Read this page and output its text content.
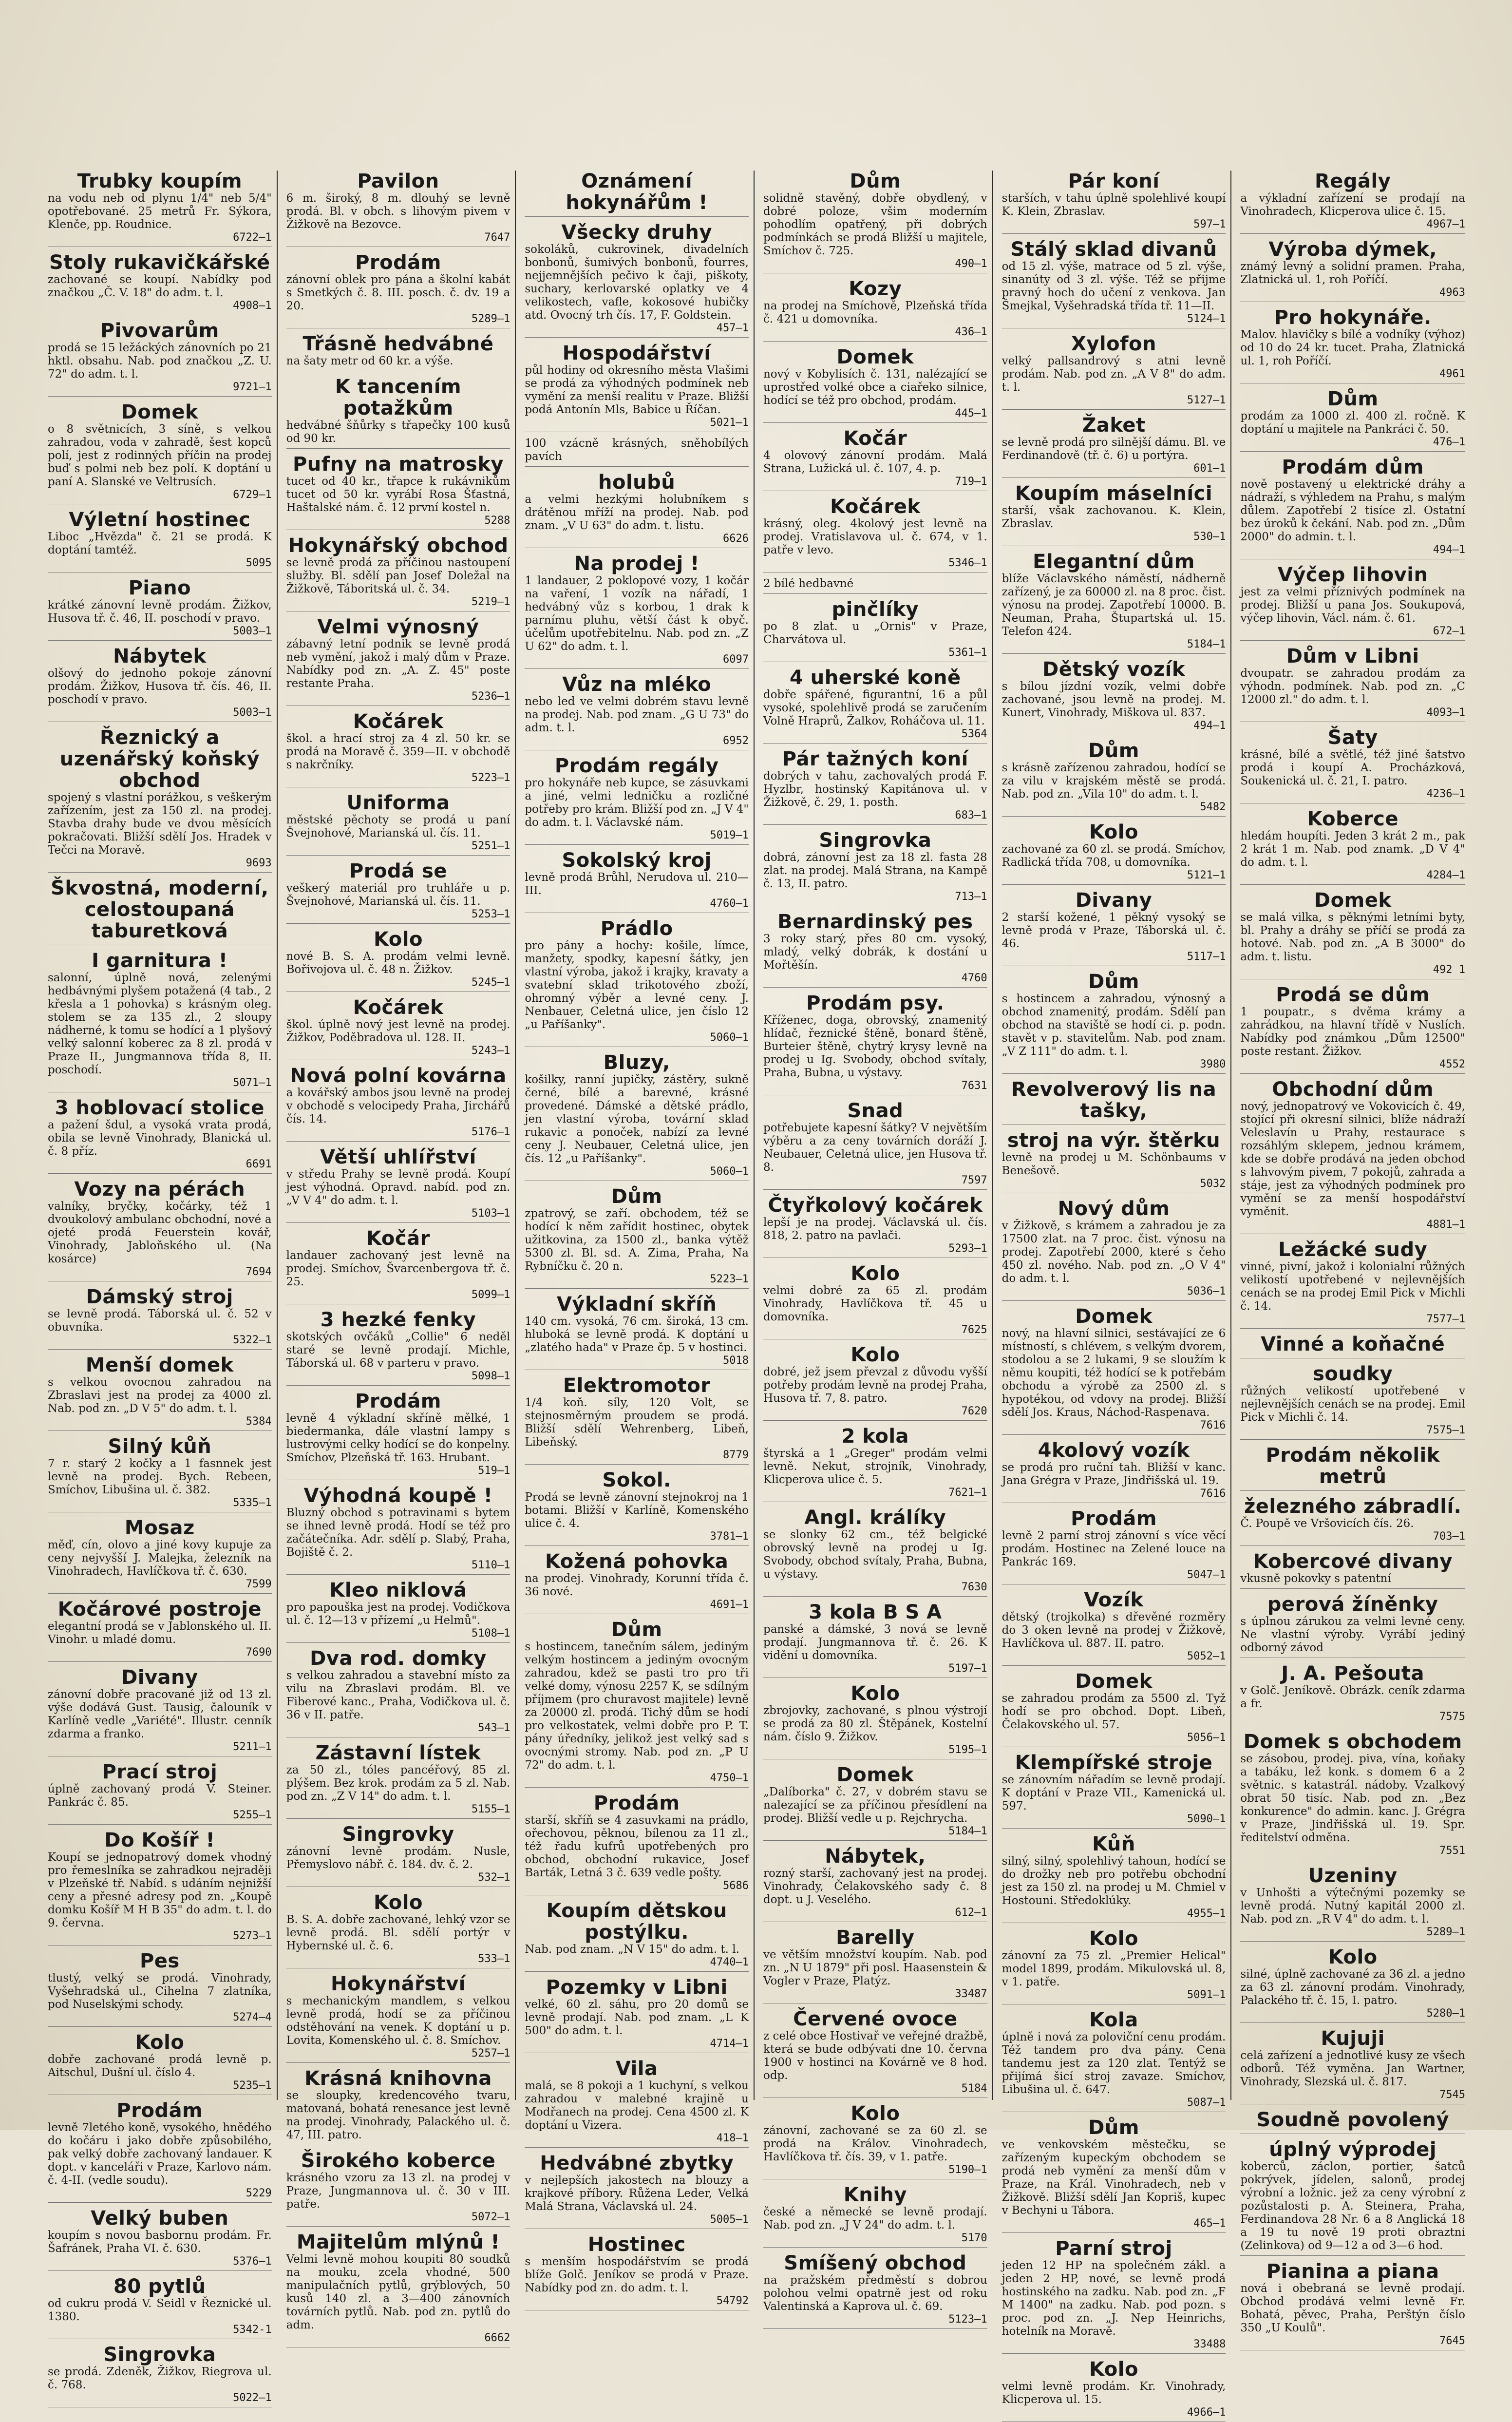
Trubky koupím
na vodu neb od plynu 1/4" neb 5/4" opotřebované. 25 metrů Fr. Sýkora, Klenče, pp. Roudnice.
6722—1
Stoly rukavičkářské
zachované se koupí. Nabídky pod značkou „Č. V. 18" do adm. t. l.
4908—1
Pivovarům
prodá se 15 ležáckých zánovních po 21 hktl. obsahu. Nab. pod značkou „Z. U. 72" do adm. t. l.
9721—1
Domek
o 8 světnicích, 3 síně, s velkou zahradou, voda v zahradě, šest kopců polí, jest z rodinných příčin na prodej buď s polmi neb bez polí. K doptání u paní A. Slanské ve Veltrusích.
6729—1
Výletní hostinec
Liboc „Hvězda" č. 21 se prodá. K doptání tamtéž.
5095
Piano
krátké zánovní levně prodám. Žižkov, Husova tř. č. 46, II. poschodí v pravo.
5003—1
Nábytek
olšový do jednoho pokoje zánovní prodám. Žižkov, Husova tř. čís. 46, II. poschodí v pravo.
5003—1
Řeznický a uzenářský koňský obchod
spojený s vlastní porážkou, s veškerým zařízením, jest za 150 zl. na prodej. Stavba drahy bude ve dvou měsících pokračovati. Bližší sdělí Jos. Hradek v Tečci na Moravě.
9693
Škvostná, moderní, celostoupaná taburetková
I garnitura !
salonní, úplně nová, zelenými hedbávnými plyšem potažená (4 tab., 2 křesla a 1 pohovka) s krásným oleg. stolem se za 135 zl., 2 sloupy nádherné, k tomu se hodící a 1 plyšový velký salonní koberec za 8 zl. prodá v Praze II., Jungmannova třída 8, II. poschodí.
5071—1
3 hoblovací stolice
a pažení šdul, a vysoká vrata prodá, obila se levně Vinohrady, Blanická ul. č. 8 příz.
6691
Vozy na pérách
valníky, bryčky, kočárky, též 1 dvoukolový ambulanc obchodní, nové a ojeté prodá Feuerstein kovář, Vinohrady, Jabloňského ul. (Na kosárce)
7694
Dámský stroj
se levně prodá. Táborská ul. č. 52 v obuvníka.
5322—1
Menší domek
s velkou ovocnou zahradou na Zbraslavi jest na prodej za 4000 zl. Nab. pod zn. „D V 5" do adm. t. l.
5384
Silný kůň
7 r. starý 2 kočky a 1 fasnnek jest levně na prodej. Bych. Rebeen, Smíchov, Libušina ul. č. 382.
5335—1
Mosaz
měď, cín, olovo a jiné kovy kupuje za ceny nejvyšší J. Malejka, železník na Vinohradech, Havlíčkova tř. č. 630.
7599
Kočárové postroje
elegantní prodá se v Jablonského ul. II. Vinohr. u mladé domu.
7690
Divany
zánovní dobře pracované již od 13 zl. výše dodává Gust. Tausig, čalouník v Karlíně vedle „Variété". Illustr. cenník zdarma a franko.
5211—1
Prací stroj
úplně zachovaný prodá V. Steiner. Pankrác č. 85.
5255—1
Do Košíř !
Koupí se jednopatrový domek vhodný pro řemeslníka se zahradkou nejraději v Plzeňské tř. Nabíd. s udáním nejnižší ceny a přesné adresy pod zn. „Koupě domku Košíř M H B 35" do adm. t. l. do 9. června.
5273—1
Pes
tlustý, velký se prodá. Vinohrady, Vyšehradská ul., Cihelna 7 zlatníka, pod Nuselskými schody.
5274—4
Kolo
dobře zachované prodá levně p. Aitschul, Dušní ul. číslo 4.
5235—1
Prodám
levně 7letého koně, vysokého, hnědého do kočáru i jako dobře způsobilého, pak velký dobře zachovaný landauer. K dopt. v kanceláři v Praze, Karlovo nám. č. 4-II. (vedle soudu).
5229
Velký buben
koupím s novou basbornu prodám. Fr. Šafránek, Praha VI. č. 630.
5376—1
80 pytlů
od cukru prodá V. Seidl v Řeznické ul. 1380.
5342-1
Singrovka
se prodá. Zdeněk, Žižkov, Riegrova ul. č. 768.
5022—1
Pavilon
6 m. široký, 8 m. dlouhý se levně prodá. Bl. v obch. s lihovým pivem v Žižkově na Bezovce.
7647
Prodám
zánovní oblek pro pána a školní kabát s Smetkých č. 8. III. posch. č. dv. 19 a 20.
5289—1
Třásně hedvábné
na šaty metr od 60 kr. a výše.
K tancením potažkům
hedvábné šňůrky s třapečky 100 kusů od 90 kr.
Pufny na matrosky
tucet od 40 kr., třapce k rukávnikům tucet od 50 kr. vyrábí Rosa Šťastná, Haštalské nám. č. 12 první kostel n.
5288
Hokynářský obchod
se levně prodá za příčinou nastoupení služby. Bl. sdělí pan Josef Doležal na Žižkově, Táboritská ul. č. 34.
5219—1
Velmi výnosný
zábavný letní podnik se levně prodá neb vymění, jakož i malý dům v Praze. Nabídky pod zn. „A. Z. 45" poste restante Praha.
5236—1
Kočárek
škol. a hrací stroj za 4 zl. 50 kr. se prodá na Moravě č. 359—II. v obchodě s nakrčníky.
5223—1
Uniforma
městské pěchoty se prodá u paní Švejnohové, Marianská ul. čís. 11.
5251—1
Prodá se
veškerý materiál pro truhláře u p. Švejnohové, Marianská ul. čís. 11.
5253—1
Kolo
nové B. S. A. prodám velmi levně. Bořivojova ul. č. 48 n. Žižkov.
5245—1
Kočárek
škol. úplně nový jest levně na prodej. Žižkov, Poděbradova ul. 128. II.
5243—1
Nová polní kovárna
a kovářský ambos jsou levně na prodej v obchodě s velocipedy Praha, Jirchářů čís. 14.
5176—1
Větší uhlířství
v středu Prahy se levně prodá. Koupí jest výhodná. Opravd. nabíd. pod zn. „V V 4" do adm. t. l.
5103—1
Kočár
landauer zachovaný jest levně na prodej. Smíchov, Švarcenbergova tř. č. 25.
5099—1
3 hezké fenky
skotských ovčáků „Collie" 6 neděl staré se levně prodají. Michle, Táborská ul. 68 v parteru v pravo.
5098—1
Prodám
levně 4 výkladní skříně mělké, 1 biedermanka, dále vlastní lampy s lustrovými celky hodící se do konpelny. Smíchov, Plzeňská tř. 163. Hrubant.
519—1
Výhodná koupě !
Bluzný obchod s potravinami s bytem se ihned levně prodá. Hodí se též pro začátečníka. Adr. sdělí p. Slabý, Praha, Bojiště č. 2.
5110—1
Kleo niklová
pro papouška jest na prodej. Vodičkova ul. č. 12—13 v přízemí „u Helmů".
5108—1
Dva rod. domky
s velkou zahradou a stavební místo za vilu na Zbraslavi prodám. Bl. ve Fiberové kanc., Praha, Vodičkova ul. č. 36 v II. patře.
543—1
Zástavní lístek
za 50 zl., tóles pancéřový, 85 zl. plýšem. Bez krok. prodám za 5 zl. Nab. pod zn. „Z V 14" do adm. t. l.
5155—1
Singrovky
zánovní levně prodám. Nusle, Přemyslovo nábř. č. 184. dv. č. 2.
532—1
Kolo
B. S. A. dobře zachované, lehký vzor se levně prodá. Bl. sdělí portýr v Hybernské ul. č. 6.
533—1
Hokynářství
s mechanickým mandlem, s velkou levně prodá, hodí se za příčinou odstěhování na venek. K doptání u p. Lovita, Komenského ul. č. 8. Smíchov.
5257—1
Krásná knihovna
se sloupky, kredencového tvaru, matovaná, bohatá renesance jest levně na prodej. Vinohrady, Palackého ul. č. 47, III. patro.
Širokého koberce
krásného vzoru za 13 zl. na prodej v Praze, Jungmannova ul. č. 30 v III. patře.
5072—1
Majitelům mlýnů !
Velmi levně mohou koupiti 80 soudků na mouku, zcela vhodné, 500 manipulačních pytlů, grýblových, 50 kusů 140 zl. a 3—400 zánovních továrních pytlů. Nab. pod zn. pytlů do adm.
6662
Oznámení hokynářům !
Všecky druhy
sokoláků, cukrovinek, divadelních bonbonů, šumivých bonbonů, fourres, nejjemnějších pečivo k čaji, piškoty, suchary, kerlovarské oplatky ve 4 velikostech, vafle, kokosové hubičky atd. Ovocný trh čís. 17, F. Goldstein.
457—1
Hospodářství
půl hodiny od okresního města Vlašimi se prodá za výhodných podmínek neb vymění za menší realitu v Praze. Bližší podá Antonín Mls, Babice u Říčan.
5021—1
100 vzácně krásných, sněhobílých pavích
holubů
a velmi hezkými holubníkem s drátěnou mříží na prodej. Nab. pod znam. „V U 63" do adm. t. listu.
6626
Na prodej !
1 landauer, 2 poklopové vozy, 1 kočár na vaření, 1 vozík na nářadí, 1 hedvábný vůz s korbou, 1 drak k parnímu pluhu, větší část k obyč. účelům upotřebitelnu. Nab. pod zn. „Z U 62" do adm. t. l.
6097
Vůz na mléko
nebo led ve velmi dobrém stavu levně na prodej. Nab. pod znam. „G U 73" do adm. t. l.
6952
Prodám regály
pro hokynáře neb kupce, se zásuvkami a jiné, velmi ledničku a rozličné potřeby pro krám. Bližší pod zn. „J V 4" do adm. t. l. Václavské nám.
5019—1
Sokolský kroj
levně prodá Brůhl, Nerudova ul. 210—III.
4760—1
Prádlo
pro pány a hochy: košile, límce, manžety, spodky, kapesní šátky, jen vlastní výroba, jakož i krajky, kravaty a svatební sklad trikotového zboží, ohromný výběr a levné ceny. J. Nenbauer, Celetná ulice, jen číslo 12 „u Paříšanky".
5060—1
Bluzy,
košilky, ranní jupičky, zástěry, sukně černé, bílé a barevné, krásné provedené. Dámské a dětské prádlo, jen vlastní výroba, tovární sklad rukavic a ponoček, nabízí za levné ceny J. Neubauer, Celetná ulice, jen čís. 12 „u Paříšanky".
5060—1
Dům
zpatrový, se zaří. obchodem, též se hodící k něm zařídit hostinec, obytek užitkovina, za 1500 zl., banka výtěž 5300 zl. Bl. sd. A. Zima, Praha, Na Rybníčku č. 20 n.
5223—1
Výkladní skříň
140 cm. vysoká, 76 cm. široká, 13 cm. hluboká se levně prodá. K doptání u „zlatého hada" v Praze čp. 5 v hostinci.
5018
Elektromotor
1/4 koň. síly, 120 Volt, se stejnosměrným proudem se prodá. Bližší sdělí Wehrenberg, Libeň, Libeňský.
8779
Sokol.
Prodá se levně zánovní stejnokroj na 1 botami. Bližší v Karlíně, Komenského ulice č. 4.
3781—1
Kožená pohovka
na prodej. Vinohrady, Korunní třída č. 36 nové.
4691—1
Dům
s hostincem, tanečním sálem, jediným velkým hostincem a jediným ovocným zahradou, kdež se pasti tro pro tři velké domy, výnosu 2257 K, se sdílným příjmem (pro churavost majitele) levně za 20000 zl. prodá. Tichý dům se hodí pro velkostatek, velmi dobře pro P. T. pány úředníky, jelikož jest velký sad s ovocnými stromy. Nab. pod zn. „P U 72" do adm. t. l.
4750—1
Prodám
starší, skříň se 4 zasuvkami na prádlo, ořechovou, pěknou, bílenou za 11 zl., též řadu kufrů upotřebených pro obchod, obchodní rukavice, Josef Barták, Letná 3 č. 639 vedle pošty.
5686
Koupím dětskou postýlku.
Nab. pod znam. „N V 15" do adm. t. l.
4740—1
Pozemky v Libni
velké, 60 zl. sáhu, pro 20 domů se levně prodají. Nab. pod znam. „L K 500" do adm. t. l.
4714—1
Vila
malá, se 8 pokoji a 1 kuchyní, s velkou zahradou v malebné krajině u Modřanech na prodej. Cena 4500 zl. K doptání u Vizera.
418—1
Hedvábné zbytky
v nejlepších jakostech na blouzy a krajkové příbory. Růžena Leder, Velká Malá Strana, Václavská ul. 24.
5005—1
Hostinec
s menším hospodářstvím se prodá blíže Golč. Jeníkov se prodá v Praze. Nabídky pod zn. do adm. t. l.
54792
Dům
solidně stavěný, dobře obydlený, v dobré poloze, všim moderním pohodlím opatřený, při dobrých podmínkách se prodá Bližší u majitele, Smíchov č. 725.
490—1
Kozy
na prodej na Smíchově, Plzeňská třída č. 421 u domovníka.
436—1
Domek
nový v Kobylisích č. 131, nalézající se uprostřed volké obce a ciařeko silnice, hodící se též pro obchod, prodám.
445—1
Kočár
4 olovový zánovní prodám. Malá Strana, Lužická ul. č. 107, 4. p.
719—1
Kočárek
krásný, oleg. 4kolový jest levně na prodej. Vratislavova ul. č. 674, v 1. patře v levo.
5346—1
2 bílé hedbavné
pinčlíky
po 8 zlat. u „Ornis" v Praze, Charvátova ul.
5361—1
4 uherské koně
dobře spářené, figurantní, 16 a půl vysoké, spolehlivě prodá se zaručením Volně Hraprů, Žalkov, Roháčova ul. 11.
5364
Pár tažných koní
dobrých v tahu, zachovalých prodá F. Hyzlbr, hostinský Kapitánova ul. v Žižkově, č. 29, 1. posth.
683—1
Singrovka
dobrá, zánovní jest za 18 zl. fasta 28 zlat. na prodej. Malá Strana, na Kampě č. 13, II. patro.
713—1
Bernardinský pes
3 roky starý, přes 80 cm. vysoký, mladý, velký dobrák, k dostání u Mořtěšín.
4760
Prodám psy.
Kříženec, doga, obrovský, znamenitý hlídač, řeznické štěně, bonard štěně, Burteier štěně, chytrý krysy levně na prodej u Ig. Svobody, obchod svítaly, Praha, Bubna, u výstavy.
7631
Snad
potřebujete kapesní šátky? V největším výběru a za ceny továrních doráží J. Neubauer, Celetná ulice, jen Husova tř. 8.
7597
Čtyřkolový kočárek
lepší je na prodej. Václavská ul. čís. 818, 2. patro na pavlači.
5293—1
Kolo
velmi dobré za 65 zl. prodám Vinohrady, Havlíčkova tř. 45 u domovníka.
7625
Kolo
dobré, jež jsem převzal z důvodu vyšší potřeby prodám levně na prodej Praha, Husova tř. 7, 8. patro.
7620
2 kola
štyrská a 1 „Greger" prodám velmi levně. Nekut, strojník, Vinohrady, Klicperova ulice č. 5.
7621—1
Angl. králíky
se slonky 62 cm., též belgické obrovský levně na prodej u Ig. Svobody, obchod svítaly, Praha, Bubna, u výstavy.
7630
3 kola B S A
panské a dámské, 3 nová se levně prodají. Jungmannova tř. č. 26. K vidění u domovníka.
5197—1
Kolo
zbrojovky, zachované, s plnou výstrojí se prodá za 80 zl. Štěpánek, Kostelní nám. číslo 9. Žižkov.
5195—1
Domek
„Dalíborka" č. 27, v dobrém stavu se nalezající se za příčinou přesídlení na prodej. Bližší vedle u p. Rejchrycha.
5184—1
Nábytek,
rozný starší, zachovaný jest na prodej. Vinohrady, Čelakovského sady č. 8 dopt. u J. Veselého.
612—1
Barelly
ve větším množství koupím. Nab. pod zn. „N U 1879" při posl. Haasenstein & Vogler v Praze, Platýz.
33487
Červené ovoce
z celé obce Hostivař ve veřejné dražbě, která se bude odbývati dne 10. června 1900 v hostinci na Kovárně ve 8 hod. odp.
5184
Kolo
zánovní, zachované se za 60 zl. se prodá na Králov. Vinohradech, Havlíčkova tř. čís. 39, v 1. patře.
5190—1
Knihy
české a německé se levně prodají. Nab. pod zn. „J V 24" do adm. t. l.
5170
Smíšený obchod
na pražském předměstí s dobrou polohou velmi opatrně jest od roku Valentinská a Kaprova ul. č. 69.
5123—1
Pár koní
starších, v tahu úplně spolehlivé koupí K. Klein, Zbraslav.
597—1
Stálý sklad divanů
od 15 zl. výše, matrace od 5 zl. výše, sinanúty od 3 zl. výše. Též se přijme pravný hoch do učení z venkova. Jan Šmejkal, Vyšehradská třída tř. 11—II.
5124—1
Xylofon
velký pallsandrový s atni levně prodám. Nab. pod zn. „A V 8" do adm. t. l.
5127—1
Žaket
se levně prodá pro silnější dámu. Bl. ve Ferdinandově (tř. č. 6) u portýra.
601—1
Koupím máselníci
starší, však zachovanou. K. Klein, Zbraslav.
530—1
Elegantní dům
blíže Václavského náměstí, nádherně zařízený, je za 60000 zl. na 8 proc. čist. výnosu na prodej. Zapotřebí 10000. B. Neuman, Praha, Štupartská ul. 15. Telefon 424.
5184—1
Dětský vozík
s bílou jízdní vozík, velmi dobře zachované, jsou levně na prodej. M. Kunert, Vinohrady, Miškova ul. 837.
494—1
Dům
s krásně zařízenou zahradou, hodící se za vilu v krajském městě se prodá. Nab. pod zn. „Vila 10" do adm. t. l.
5482
Kolo
zachované za 60 zl. se prodá. Smíchov, Radlická třída 708, u domovníka.
5121—1
Divany
2 starší kožené, 1 pěkný vysoký se levně prodá v Praze, Táborská ul. č. 46.
5117—1
Dům
s hostincem a zahradou, výnosný a obchod znamenitý, prodám. Sdělí pan obchod na staviště se hodí ci. p. podn. stavět v p. stavitelům. Nab. pod znam. „V Z 111" do adm. t. l.
3980
Revolverový lis na tašky,
stroj na výr. štěrku
levně na prodej u M. Schönbaums v Benešově.
5032
Nový dům
v Žižkově, s krámem a zahradou je za 17500 zlat. na 7 proc. čist. výnosu na prodej. Zapotřebí 2000, které s čeho 450 zl. nového. Nab. pod zn. „O V 4" do adm. t. l.
5036—1
Domek
nový, na hlavní silnici, sestávající ze 6 místností, s chlévem, s velkým dvorem, stodolou a se 2 lukami, 9 se sloužím k němu koupiti, též hodící se k potřebám obchodu a výrobě za 2500 zl. s hypotékou, od vdovy na prodej. Bližší sdělí Jos. Kraus, Náchod-Raspenava.
7616
4kolový vozík
se prodá pro ruční tah. Bližší v kanc. Jana Grégra v Praze, Jindřišská ul. 19.
7616
Prodám
levně 2 parní stroj zánovní s více věcí prodám. Hostinec na Zelené louce na Pankrác 169.
5047—1
Vozík
dětský (trojkolka) s dřevěné rozměry do 3 oken levně na prodej v Žižkově, Havlíčkova ul. 887. II. patro.
5052—1
Domek
se zahradou prodám za 5500 zl. Tyž hodí se pro obchod. Dopt. Libeň, Čelakovského ul. 57.
5056—1
Klempířské stroje
se zánovním nářadím se levně prodají. K doptání v Praze VII., Kamenická ul. 597.
5090—1
Kůň
silný, silný, spolehlivý tahoun, hodící se do drožky neb pro potřebu obchodní jest za 150 zl. na prodej u M. Chmiel v Hostouni. Středoklúky.
4955—1
Kolo
zánovní za 75 zl. „Premier Helical" model 1899, prodám. Mikulovská ul. 8, v 1. patře.
5091—1
Kola
úplně i nová za poloviční cenu prodám. Též tandem pro dva pány. Cena tandemu jest za 120 zlat. Tentýž se přijímá šicí stroj zavaze. Smíchov, Libušina ul. č. 647.
5087—1
Dům
ve venkovském městečku, se zařízeným kupeckým obchodem se prodá neb vymění za menší dům v Praze, na Král. Vinohradech, neb v Žižkově. Bližší sdělí Jan Kopriš, kupec v Bechyni u Tábora.
465—1
Parní stroj
jeden 12 HP na společném zákl. a jeden 2 HP, nové, se levně prodá hostinského na zadku. Nab. pod zn. „F M 1400" na zadku. Nab. pod pozn. s proc. pod zn. „J. Nep Heinrichs, hotelník na Moravě.
33488
Kolo
velmi levně prodám. Kr. Vinohrady, Klicperova ul. 15.
4966—1
Regály
a výkladní zařízení se prodají na Vinohradech, Klicperova ulice č. 15.
4967—1
Výroba dýmek,
známý levný a solidní pramen. Praha, Zlatnická ul. 1, roh Poříčí.
4963
Pro hokynáře.
Malov. hlavičky s bílé a vodníky (výhoz) od 10 do 24 kr. tucet. Praha, Zlatnická ul. 1, roh Poříčí.
4961
Dům
prodám za 1000 zl. 400 zl. ročně. K doptání u majitele na Pankráci č. 50.
476—1
Prodám dům
nově postavený u elektrické dráhy a nádraží, s výhledem na Prahu, s malým důlem. Zapotřebí 2 tisíce zl. Ostatní bez úroků k čekání. Nab. pod zn. „Dům 2000" do admin. t. l.
494—1
Výčep lihovin
jest za velmi příznivých podmínek na prodej. Bližší u pana Jos. Soukupová, výčep lihovin, Václ. nám. č. 61.
672—1
Dům v Libni
dvoupatr. se zahradou prodám za výhodn. podmínek. Nab. pod zn. „C 12000 zl." do adm. t. l.
4093—1
Šaty
krásné, bílé a světlé, též jiné šatstvo prodá i koupí A. Procházková, Soukenická ul. č. 21, I. patro.
4236—1
Koberce
hledám houpíti. Jeden 3 krát 2 m., pak 2 krát 1 m. Nab. pod znamk. „D V 4" do adm. t. l.
4284—1
Domek
se malá vilka, s pěknými letními byty, bl. Prahy a dráhy se příčí se prodá za hotové. Nab. pod zn. „A B 3000" do adm. t. listu.
492 1
Prodá se dům
1 poupatr., s dvěma krámy a zahrádkou, na hlavní třídě v Nuslích. Nabídky pod známkou „Dům 12500" poste restant. Žižkov.
4552
Obchodní dům
nový, jednopatrový ve Vokovicích č. 49, stojící při okresní silnici, blíže nádraží Veleslavín u Prahy, restaurace s rozsáhlým sklepem, jednou krámem, kde se dobře prodává na jeden obchod s lahvovým pivem, 7 pokojů, zahrada a stáje, jest za výhodných podmínek pro vymění se za menší hospodářství vyměnit.
4881—1
Ležácké sudy
vinné, pivní, jakož i kolonialní růžných velikostí upotřebené v nejlevnějších cenách se na prodej Emil Pick v Michli č. 14.
7577—1
Vinné a koňačné
soudky
růžných velikostí upotřebené v nejlevnějších cenách se na prodej. Emil Pick v Michli č. 14.
7575—1
Prodám několik metrů
železného zábradlí.
Č. Poupě ve Vršovicích čís. 26.
703—1
Kobercové divany
vkusně pokovky s patentní
perová žíněnky
s úplnou zárukou za velmi levné ceny. Ne vlastní výroby. Vyrábí jediný odborný závod
J. A. Pešouta
v Golč. Jeníkově. Obrázk. ceník zdarma a fr.
7575
Domek s obchodem
se zásobou, prodej. piva, vína, koňaky a tabáku, lež konk. s domem 6 a 2 světnic. s katastrál. nádoby. Vzalkový obrat 50 tisíc. Nab. pod zn. „Bez konkurence" do admin. kanc. J. Grégra v Praze, Jindřišská ul. 19. Spr. ředitelství odměna.
7551
Uzeniny
v Unhošti a výtečnými pozemky se levně prodá. Nutný kapitál 2000 zl. Nab. pod zn. „R V 4" do adm. t. l.
5289—1
Kolo
silné, úplně zachované za 36 zl. a jedno za 63 zl. zánovní prodám. Vinohrady, Palackého tř. č. 15, I. patro.
5280—1
Kujuji
celá zařízení a jednotlivé kusy ze všech odborů. Též vyměna. Jan Wartner, Vinohrady, Slezská ul. č. 817.
7545
Soudně povolený
úplný výprodej
koberců, záclon, portier, šatců pokrývek, jídelen, salonů, prodej výrobní a ložnic. jež za ceny výrobní z pozůstalosti p. A. Steinera, Praha, Ferdinandova 28 Nr. 6 a 8 Anglická 18 a 19 tu nově 19 proti obraztni (Zelinkova) od 9—12 a od 3—6 hod.
Pianina a piana
nová i obebraná se levně prodají. Obchod prodává velmi levně Fr. Bohatá, pěvec, Praha, Perštýn číslo 350 „U Koulů".
7645
